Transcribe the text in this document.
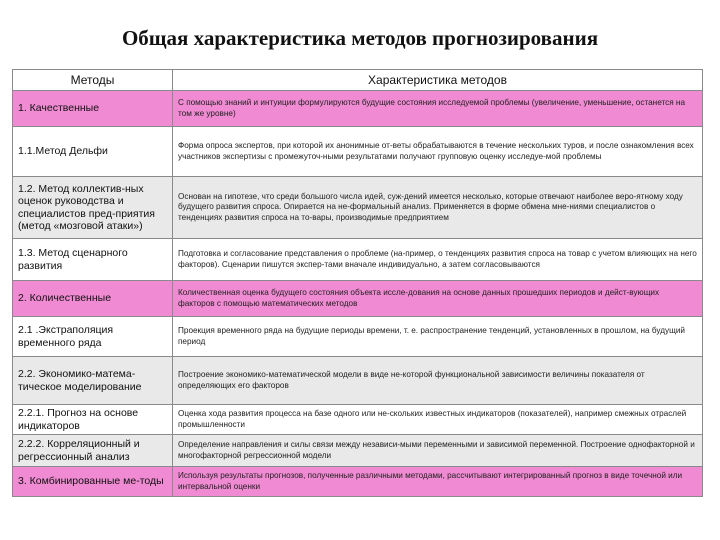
Общая характеристика методов прогнозирования
Методы	Характеристика методов
1. Качественные	С помощью знаний и интуиции формулируются будущие состояния исследуемой проблемы (увеличение, уменьшение, останется на том же уровне)
1.1.Метод Дельфи	Форма опроса экспертов, при которой их анонимные от-веты обрабатываются в течение нескольких туров, и после ознакомления всех участников экспертизы с промежуточ-ными результатами получают групповую оценку исследуе-мой проблемы
1.2. Метод коллектив-ных оценок руководства и специалистов пред-приятия (метод «мозговой атаки»)	Основан на гипотезе, что среди большого числа идей, суж-дений имеется несколько, которые отвечают наиболее веро-ятному ходу будущего развития спроса. Опирается на не-формальный анализ. Применяется в форме обмена мне-ниями специалистов о тенденциях развития спроса на то-вары, производимые предприятием
1.3. Метод сценарного развития	Подготовка и согласование представления о проблеме (на-пример, о тенденциях развития спроса на товар с учетом влияющих на него факторов). Сценарии пишутся экспер-тами вначале индивидуально, а затем согласовываются
2. Количественные	Количественная оценка будущего состояния объекта иссле-дования на основе данных прошедших периодов и дейст-вующих факторов с помощью математических методов
2.1 .Экстраполяция временного ряда	Проекция временного ряда на будущие периоды времени, т. е. распространение тенденций, установленных в прошлом, на будущий период
2.2. Экономико-матема-тическое моделирование	Построение экономико-математической модели в виде не-которой функциональной зависимости величины показателя от определяющих его факторов
2.2.1. Прогноз на основе индикаторов	Оценка хода развития процесса на базе одного или не-скольких известных индикаторов (показателей), например смежных отраслей промышленности
2.2.2. Корреляционный и регрессионный анализ	Определение направления и силы связи между независи-мыми переменными и зависимой переменной. Построение однофакторной и многофакторной регрессионной модели
3. Комбинированные ме-тоды	Используя результаты прогнозов, полученные различными методами, рассчитывают интегрированный прогноз в виде точечной или интервальной оценки
